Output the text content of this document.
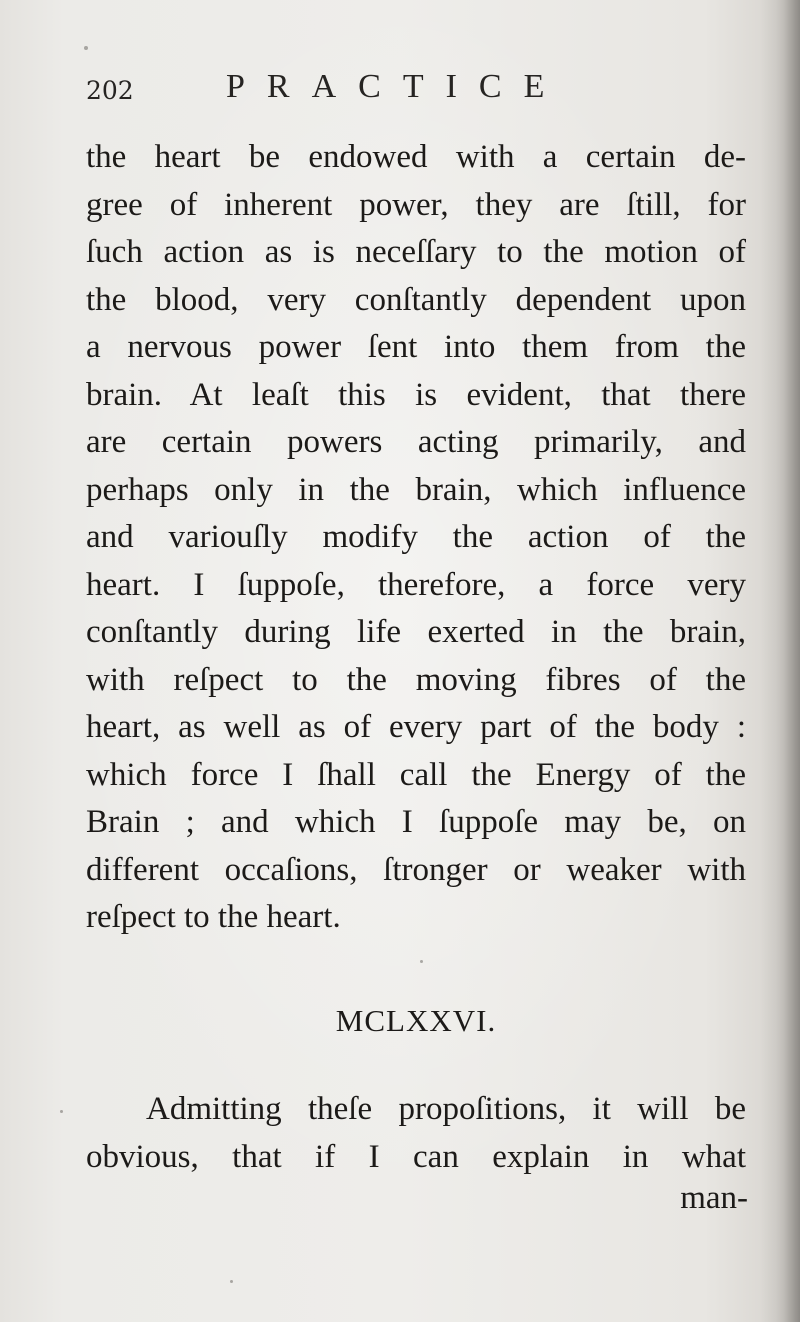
202	PRACTICE
the heart be endowed with a certain de-
gree of inherent power, they are ſtill, for
ſuch action as is neceſſary to the motion of
the blood, very conſtantly dependent upon
a nervous power ſent into them from the
brain. At leaſt this is evident, that there
are certain powers acting primarily, and
perhaps only in the brain, which influence
and variouſly modify the action of the
heart. I ſuppoſe, therefore, a force very
conſtantly during life exerted in the brain,
with reſpect to the moving fibres of the
heart, as well as of every part of the body :
which force I ſhall call the Energy of the
Brain ; and which I ſuppoſe may be, on
different occaſions, ſtronger or weaker with
reſpect to the heart.
MCLXXVI.
Admitting theſe propoſitions, it will be
obvious, that if I can explain in what
man-
